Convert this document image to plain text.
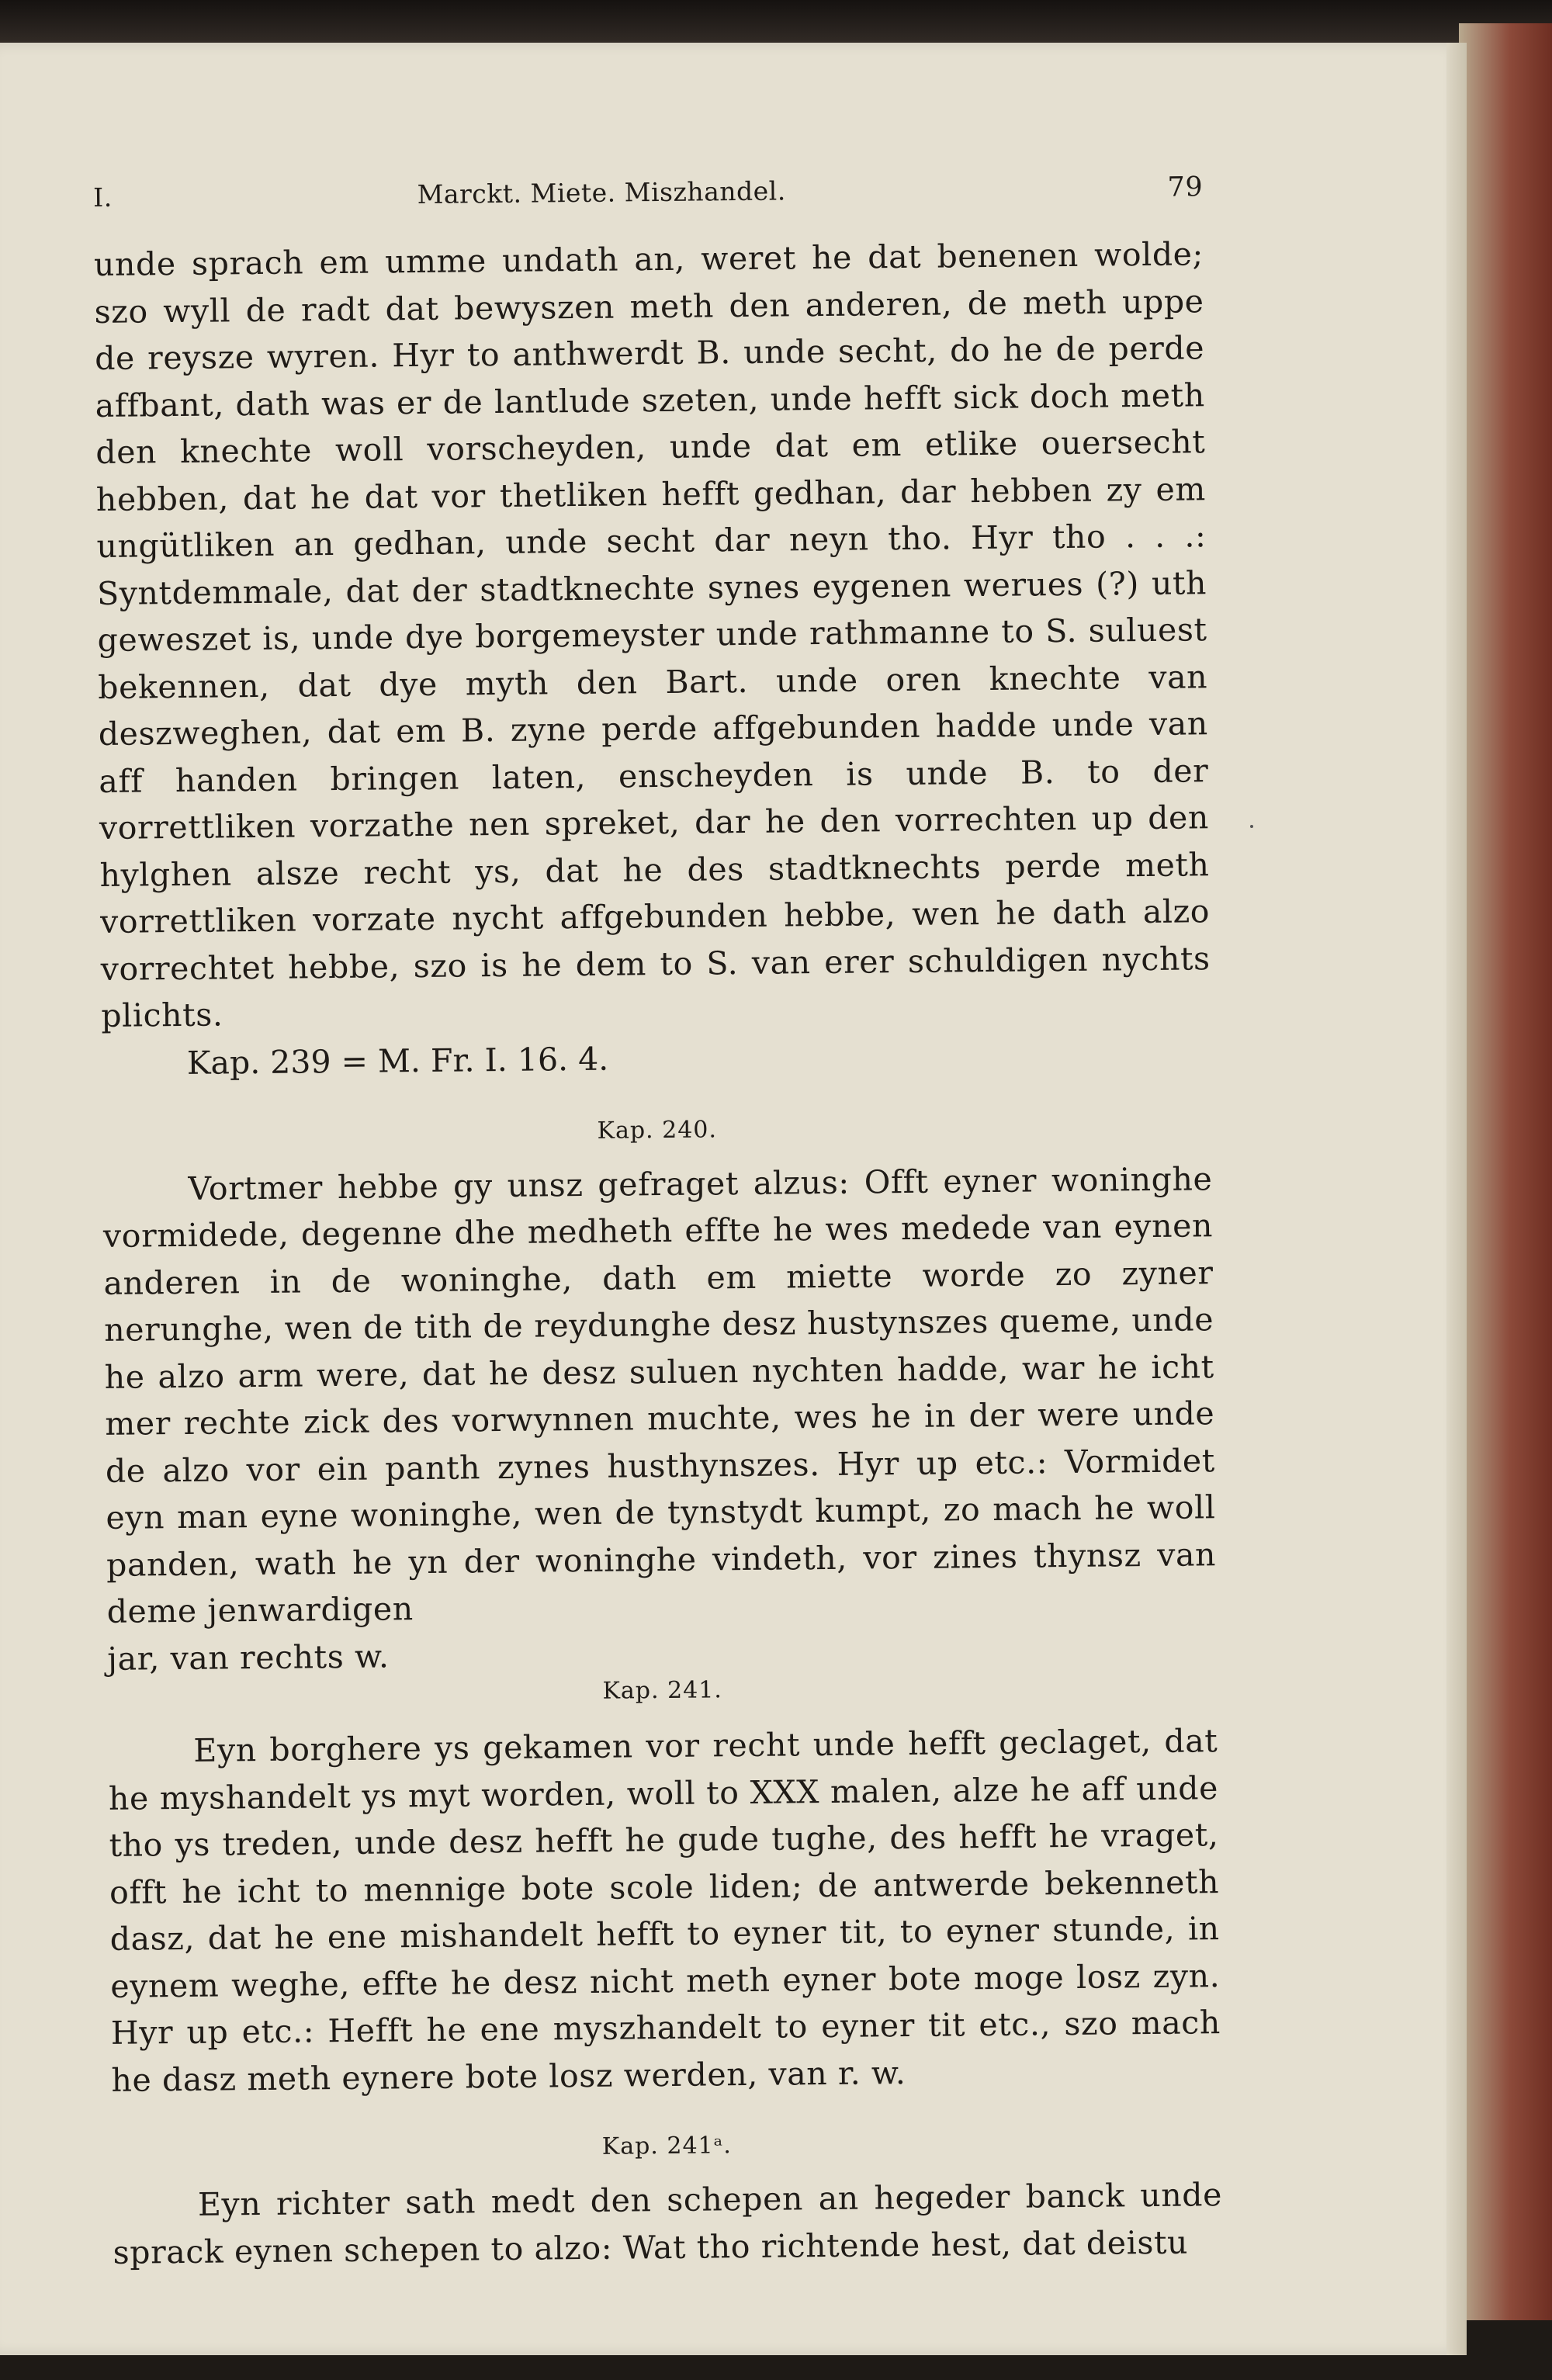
I.	Marckt. Miete. Miszhandel.	79

unde sprach em umme undath an, weret he dat benenen wolde; szo wyll de radt dat bewyszen meth den anderen, de meth uppe de reysze wyren. Hyr to anthwerdt B. unde secht, do he de perde affbant, dath was er de lantlude szeten, unde hefft sick doch meth den knechte woll vorscheyden, unde dat em etlike ouersecht hebben, dat he dat vor thetliken hefft gedhan, dar hebben zy em ungütliken an gedhan, unde secht dar neyn tho. Hyr tho . . .: Syntdemmale, dat der stadtknechte synes eygenen werues (?) uth geweszet is, unde dye borgemeyster unde rathmanne to S. suluest bekennen, dat dye myth den Bart. unde oren knechte van deszweghen, dat em B. zyne perde affgebunden hadde unde van aff handen bringen laten, enscheyden is unde B. to der vorrettliken vorzathe nen spreket, dar he den vorrechten up den hylghen alsze recht ys, dat he des stadtknechts perde meth vorrettliken vorzate nycht affgebunden hebbe, wen he dath alzo vorrechtet hebbe, szo is he dem to S. van erer schuldigen nychts plichts.

Kap. 239 = M. Fr. I. 16. 4.
Kap. 240.

Vortmer hebbe gy unsz gefraget alzus: Offt eyner woninghe vormidede, degenne dhe medheth effte he wes medede van eynen anderen in de woninghe, dath em miette worde zo zyner nerunghe, wen de tith de reydunghe desz hustynszes queme, unde he alzo arm were, dat he desz suluen nychten hadde, war he icht mer rechte zick des vorwynnen muchte, wes he in der were unde de alzo vor ein panth zynes husthynszes. Hyr up etc.: Vormidet eyn man eyne woninghe, wen de tynstydt kumpt, zo mach he woll panden, wath he yn der woninghe vindeth, vor zines thynsz van deme jenwardigen

jar, van rechts w.

Kap. 241.

Eyn borghere ys gekamen vor recht unde hefft geclaget, dat he myshandelt ys myt worden, woll to XXX malen, alze he aff unde tho ys treden, unde desz hefft he gude tughe, des hefft he vraget, offt he icht to mennige bote scole liden; de antwerde bekenneth dasz, dat he ene mishandelt hefft to eyner tit, to eyner stunde, in eynem weghe, effte he desz nicht meth eyner bote moge losz zyn. Hyr up etc.: Hefft he ene myszhandelt to eyner tit etc., szo mach he dasz meth eynere bote losz werden, van r. w.

Kap. 241ᵃ.

Eyn richter sath medt den schepen an hegeder banck unde sprack eynen schepen to alzo: Wat tho richtende hest, dat deistu
